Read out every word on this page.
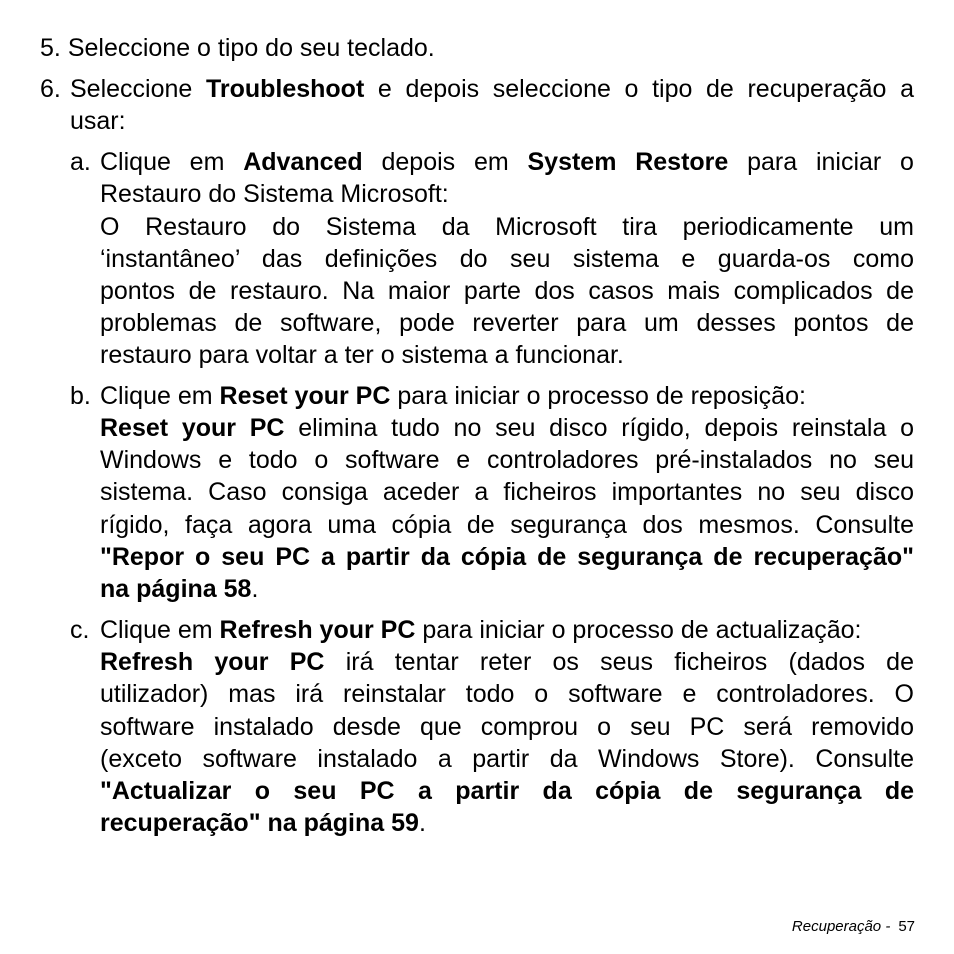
5. Seleccione o tipo do seu teclado.
6. Seleccione Troubleshoot e depois seleccione o tipo de recuperação a
usar:
a. Clique em Advanced depois em System Restore para iniciar o
Restauro do Sistema Microsoft:
O Restauro do Sistema da Microsoft tira periodicamente um
‘instantâneo’ das definições do seu sistema e guarda-os como
pontos de restauro. Na maior parte dos casos mais complicados de
problemas de software, pode reverter para um desses pontos de
restauro para voltar a ter o sistema a funcionar.
b. Clique em Reset your PC para iniciar o processo de reposição:
Reset your PC elimina tudo no seu disco rígido, depois reinstala o
Windows e todo o software e controladores pré-instalados no seu
sistema. Caso consiga aceder a ficheiros importantes no seu disco
rígido, faça agora uma cópia de segurança dos mesmos. Consulte
"Repor o seu PC a partir da cópia de segurança de recuperação"
na página 58.
c. Clique em Refresh your PC para iniciar o processo de actualização:
Refresh your PC irá tentar reter os seus ficheiros (dados de
utilizador) mas irá reinstalar todo o software e controladores. O
software instalado desde que comprou o seu PC será removido
(exceto software instalado a partir da Windows Store). Consulte
"Actualizar o seu PC a partir da cópia de segurança de
recuperação" na página 59.
Recuperação - 57
